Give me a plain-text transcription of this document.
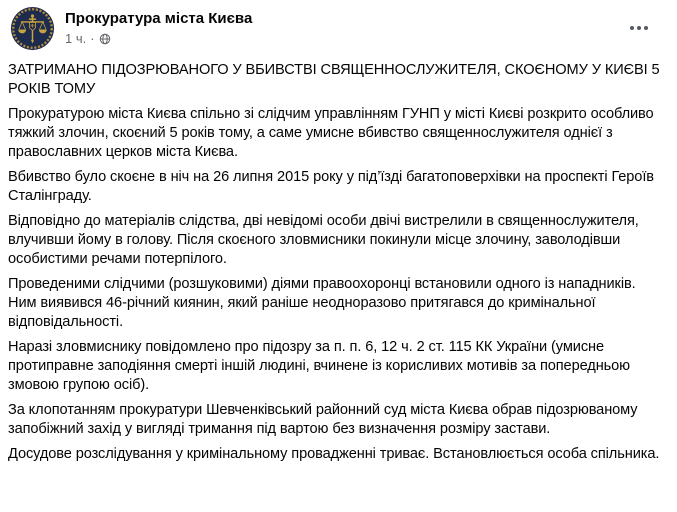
Прокуратура міста Києва
1 ч. ·

ЗАТРИМАНО ПІДОЗРЮВАНОГО У ВБИВСТВІ СВЯЩЕННОСЛУЖИТЕЛЯ, СКОЄНОМУ У КИЄВІ 5 РОКІВ ТОМУ

Прокуратурою міста Києва спільно зі слідчим управлінням ГУНП у місті Києві розкрито особливо тяжкий злочин, скоєний 5 років тому, а саме умисне вбивство священнослужителя однієї з православних церков міста Києва.

Вбивство було скоєне в ніч на 26 липня 2015 року у під’їзді багатоповерхівки на проспекті Героїв Сталінграду.

Відповідно до матеріалів слідства, дві невідомі особи двічі вистрелили в священнослужителя, влучивши йому в голову. Після скоєного зловмисники покинули місце злочину, заволодівши особистими речами потерпілого.

Проведеними слідчими (розшуковими) діями правоохоронці встановили одного із нападників. Ним виявився 46-річний киянин, який раніше неодноразово притягався до кримінальної відповідальності.

Наразі зловмиснику повідомлено про підозру за п. п. 6, 12 ч. 2 ст. 115 КК України (умисне протиправне заподіяння смерті іншій людині, вчинене із корисливих мотивів за попередньою змовою групою осіб).

За клопотанням прокуратури Шевченківський районний суд міста Києва обрав підозрюваному запобіжний захід у вигляді тримання під вартою без визначення розміру застави.

Досудове розслідування у кримінальному провадженні триває. Встановлюється особа спільника.
